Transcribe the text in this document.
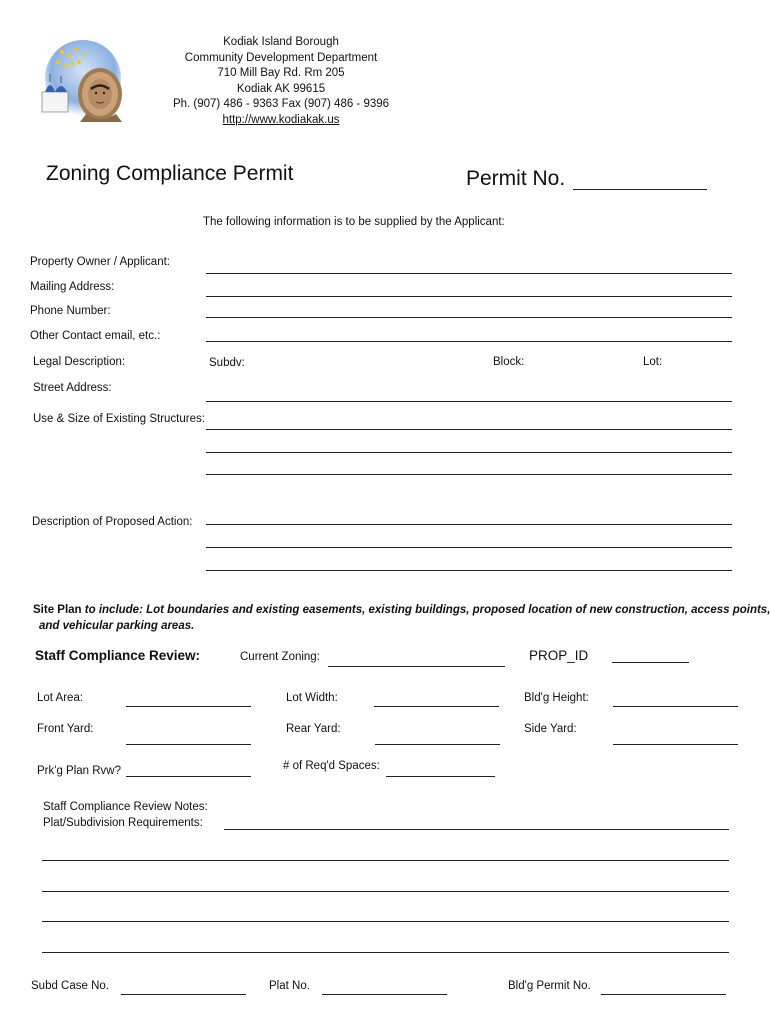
Kodiak Island Borough
Community Development Department
710 Mill Bay Rd. Rm 205
Kodiak AK 99615
Ph. (907) 486 - 9363 Fax (907) 486 - 9396
http://www.kodiakak.us
Zoning Compliance Permit	Permit No.
The following information is to be supplied by the Applicant:
Property Owner / Applicant:
Mailing Address:
Phone Number:
Other Contact email, etc.:
Legal Description:	Subdv:	Block:	Lot:
Street Address:
Use & Size of Existing Structures:
Description of Proposed Action:
Site Plan to include: Lot boundaries and existing easements, existing buildings, proposed location of new construction, access points,
and vehicular parking areas.
Staff Compliance Review:	Current Zoning:	PROP_ID
Lot Area:	Lot Width:	Bld'g Height:
Front Yard:	Rear Yard:	Side Yard:
Prk'g Plan Rvw?	# of Req'd Spaces:
Staff Compliance Review Notes:
Plat/Subdivision Requirements:
Subd Case No.	Plat No.	Bld'g Permit No.
